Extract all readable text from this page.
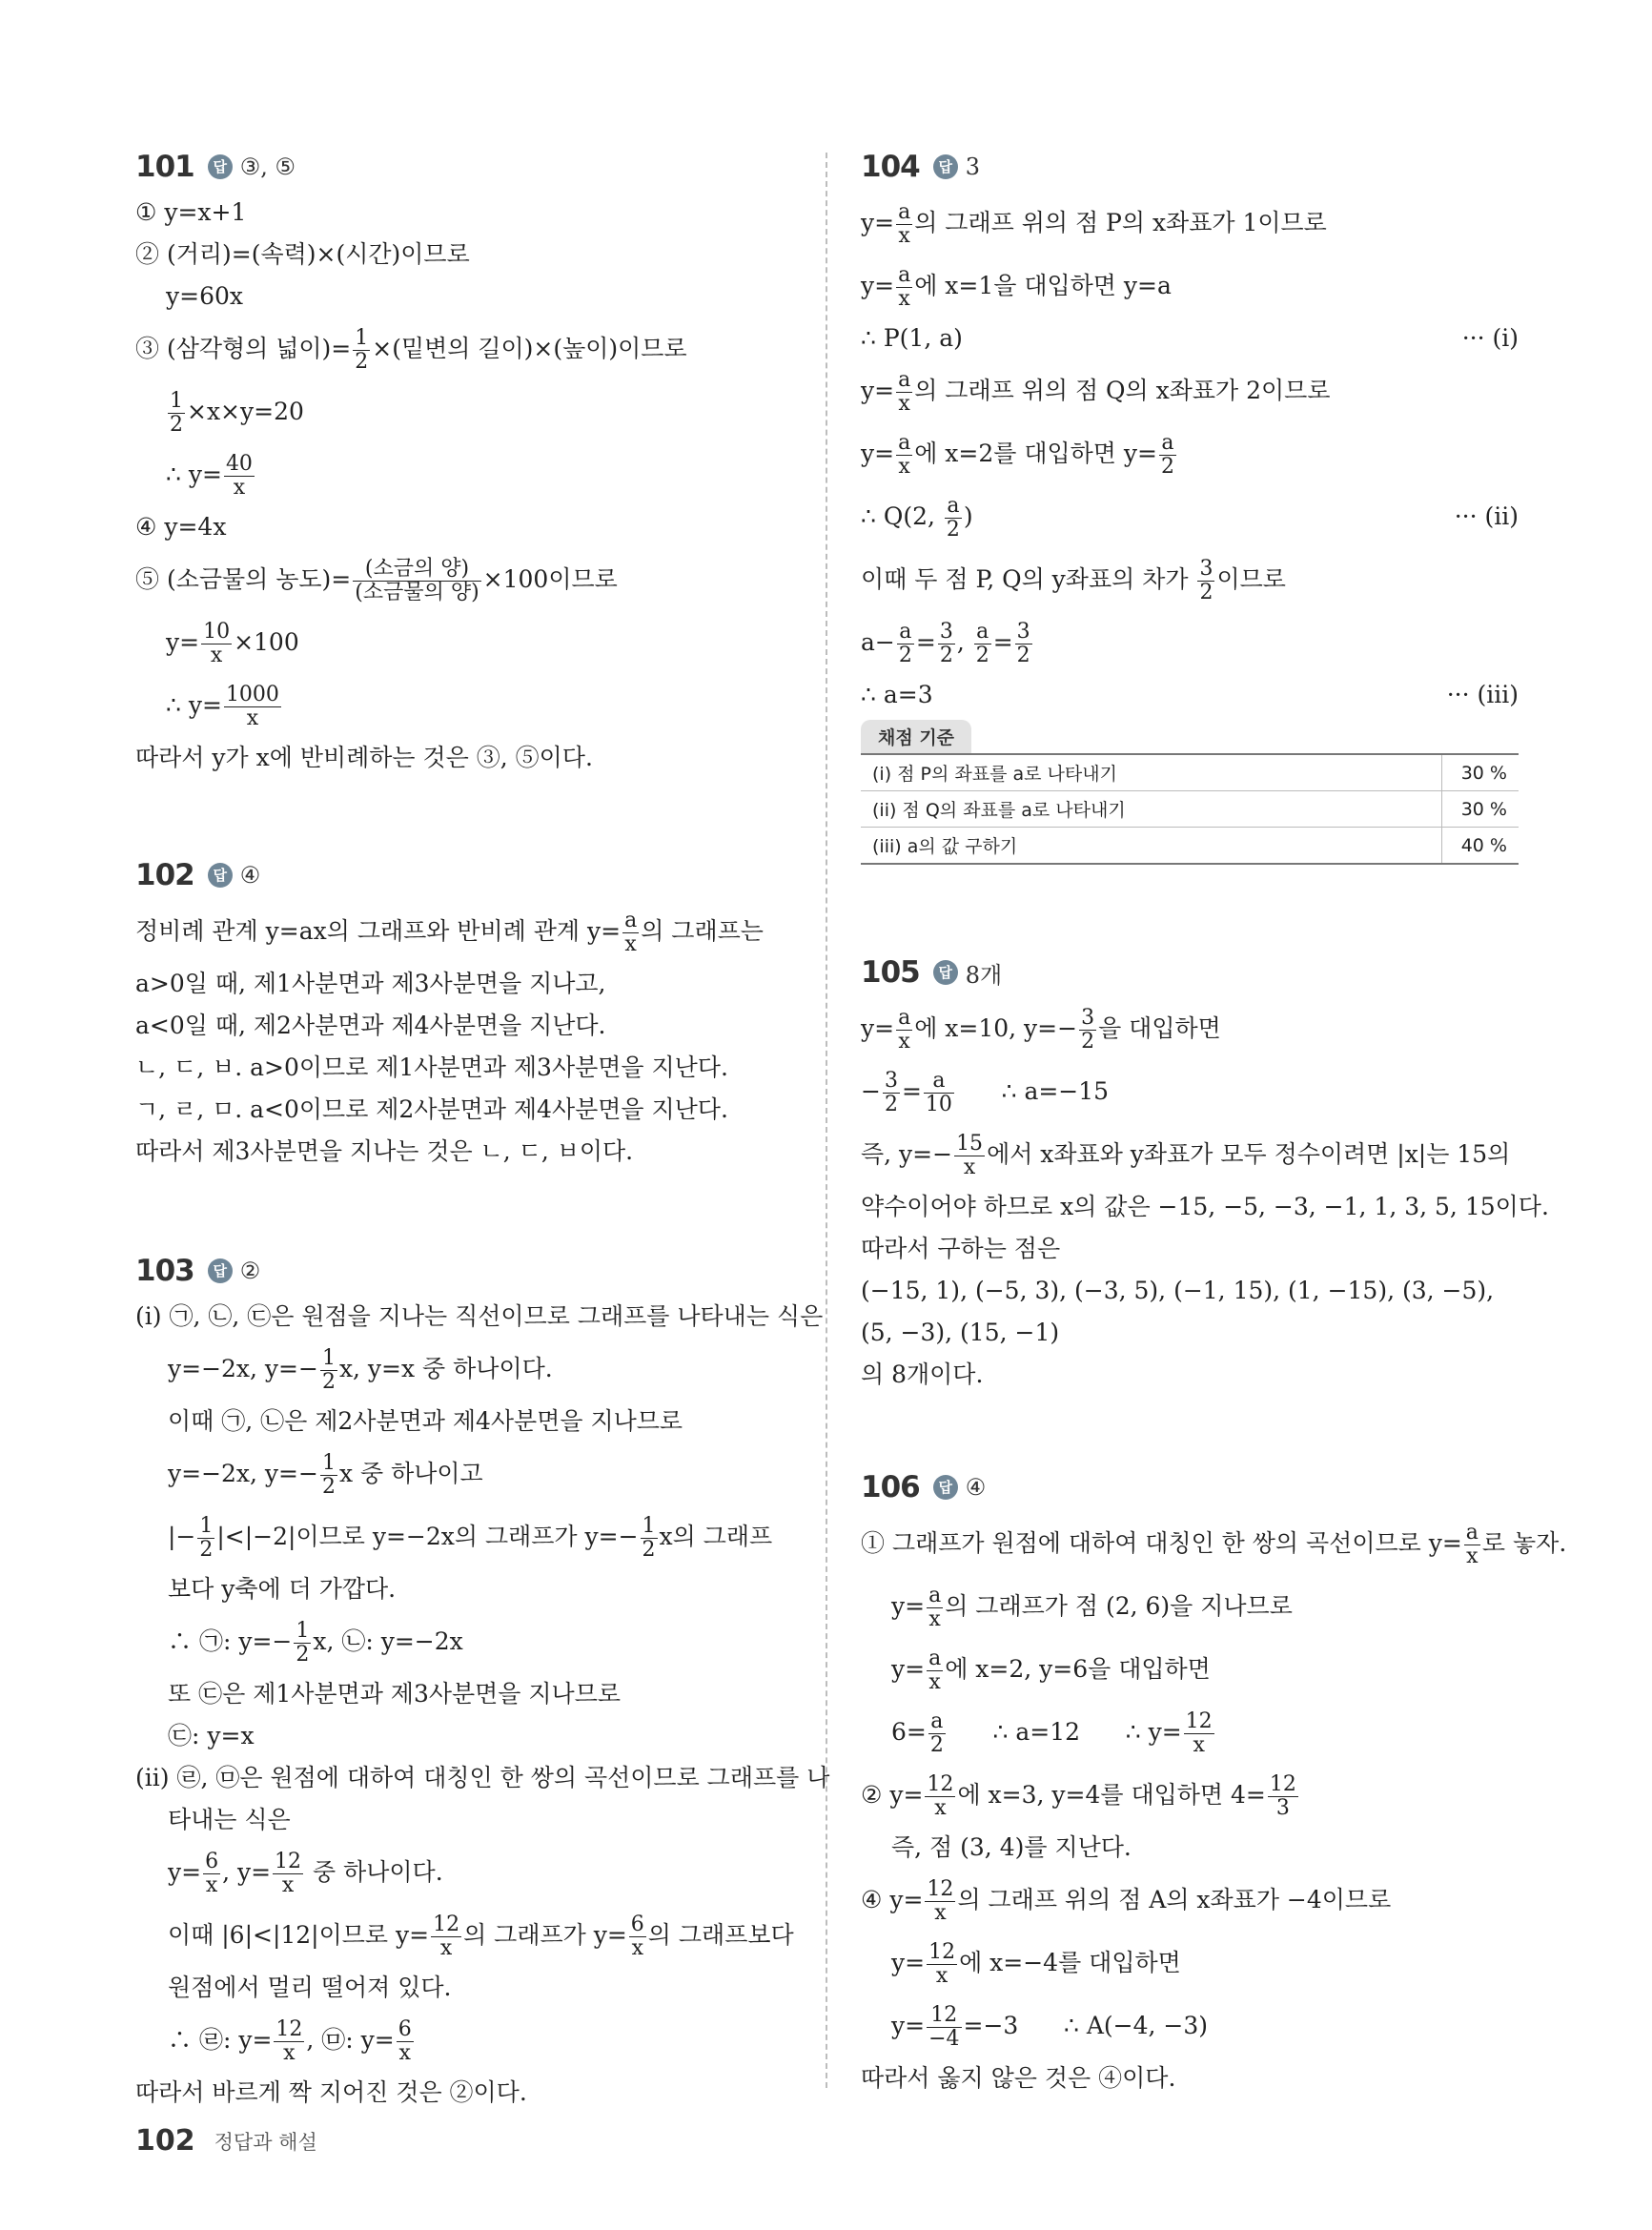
101	답 ③, ⑤
① y=x+1
② (거리)=(속력)×(시간)이므로
y=60x
③ (삼각형의 넓이)= $\frac{1}{2}$ ×(밑변의 길이)×(높이)이므로
$\frac{1}{2} \times x\times y=20$
∴ $y= \frac{40}{x}$
④ y=4x
⑤ (소금물의 농도)= $\frac{\text{(소금의 양)}}{\text{(소금물의 양)}} \times 100$이므로
$y= \frac{10}{x} \times 100$
∴ $y= \frac{1000}{x}$
따라서 y가 x에 반비례하는 것은 ③, ⑤이다.
102	답 ④
정비례 관계 y=ax의 그래프와 반비례 관계 $y= \frac{a}{x}$ 의 그래프는
a>0일 때, 제1사분면과 제3사분면을 지나고,
a<0일 때, 제2사분면과 제4사분면을 지난다.
ㄴ, ㄷ, ㅂ. a>0이므로 제1사분면과 제3사분면을 지난다.
ㄱ, ㄹ, ㅁ. a<0이므로 제2사분면과 제4사분면을 지난다.
따라서 제3사분면을 지나는 것은 ㄴ, ㄷ, ㅂ이다.
103	답 ②
(i) ㉠, ㉡, ㉢은 원점을 지나는 직선이므로 그래프를 나타내는 식은
y=−2x, $y=- \frac{1}{2} x$, y=x 중 하나이다.
이때 ㉠, ㉡은 제2사분면과 제4사분면을 지나므로
y=−2x, $y=- \frac{1}{2}$ x 중 하나이고
|− $\frac{1}{2} |<|-2|$이므로 y=−2x의 그래프가 $y=- \frac{1}{2}$ x의 그래프
보다 y축에 더 가깝다.
∴ ㉠: $y=- \frac{1}{2} x$, ㉡: y=−2x
또 ㉢은 제1사분면과 제3사분면을 지나므로
㉢: y=x
(ii) ㉣, ㉤은 원점에 대하여 대칭인 한 쌍의 곡선이므로 그래프를 나
타내는 식은
$y= \frac{6}{x}$ , $y= \frac{12}{x}$ 중 하나이다.
이때 |6|<|12|이므로 $y= \frac{12}{x}$ 의 그래프가 $y= \frac{6}{x}$ 의 그래프보다
원점에서 멀리 떨어져 있다.
∴ ㉣: $y= \frac{12}{x}$ , ㉤: $y= \frac{6}{x}$
따라서 바르게 짝 지어진 것은 ②이다.
104	답 3
$y= \frac{a}{x}$ 의 그래프 위의 점 P의 x좌표가 1이므로
$y= \frac{a}{x}$ 에 x=1을 대입하면 y=a
∴ P(1, a)	··· (i)
$y= \frac{a}{x}$ 의 그래프 위의 점 Q의 x좌표가 2이므로
$y= \frac{a}{x}$ 에 x=2를 대입하면 $y= \frac{a}{2}$
∴ Q(2, $\frac{a}{2}$ )	··· (ii)
이때 두 점 P, Q의 y좌표의 차가 $\frac{3}{2}$ 이므로
$a- \frac{a}{2} = \frac{3}{2}$ , $\frac{a}{2} = \frac{3}{2}$
∴ a=3	··· (iii)
채점 기준
(i) 점 P의 좌표를 a로 나타내기	30 %
(ii) 점 Q의 좌표를 a로 나타내기	30 %
(iii) a의 값 구하기	40 %
105	답 8개
$y= \frac{a}{x}$ 에 x=10, $y=- \frac{3}{2}$ 을 대입하면
− $\frac{3}{2} = \frac{a}{10}$ ∴ a=−15
즉, $y=- \frac{15}{x}$ 에서 x좌표와 y좌표가 모두 정수이려면 |x|는 15의
약수이어야 하므로 x의 값은 −15, −5, −3, −1, 1, 3, 5, 15이다.
따라서 구하는 점은
(−15, 1), (−5, 3), (−3, 5), (−1, 15), (1, −15), (3, −5),
(5, −3), (15, −1)
의 8개이다.
106	답 ④
① 그래프가 원점에 대하여 대칭인 한 쌍의 곡선이므로 $y= \frac{a}{x}$ 로 놓자.
$y= \frac{a}{x}$ 의 그래프가 점 (2, 6)을 지나므로
$y= \frac{a}{x}$ 에 x=2, y=6을 대입하면
$6= \frac{a}{2}$ ∴ a=12      ∴ $y= \frac{12}{x}$
② $y= \frac{12}{x}$ 에 x=3, y=4를 대입하면 $4= \frac{12}{3}$
즉, 점 (3, 4)를 지난다.
④ $y= \frac{12}{x}$ 의 그래프 위의 점 A의 x좌표가 −4이므로
$y= \frac{12}{x}$ 에 x=−4를 대입하면
$y= \frac{12}{-4} =-3$      ∴ A(−4, −3)
따라서 옳지 않은 것은 ④이다.
102 정답과 해설
